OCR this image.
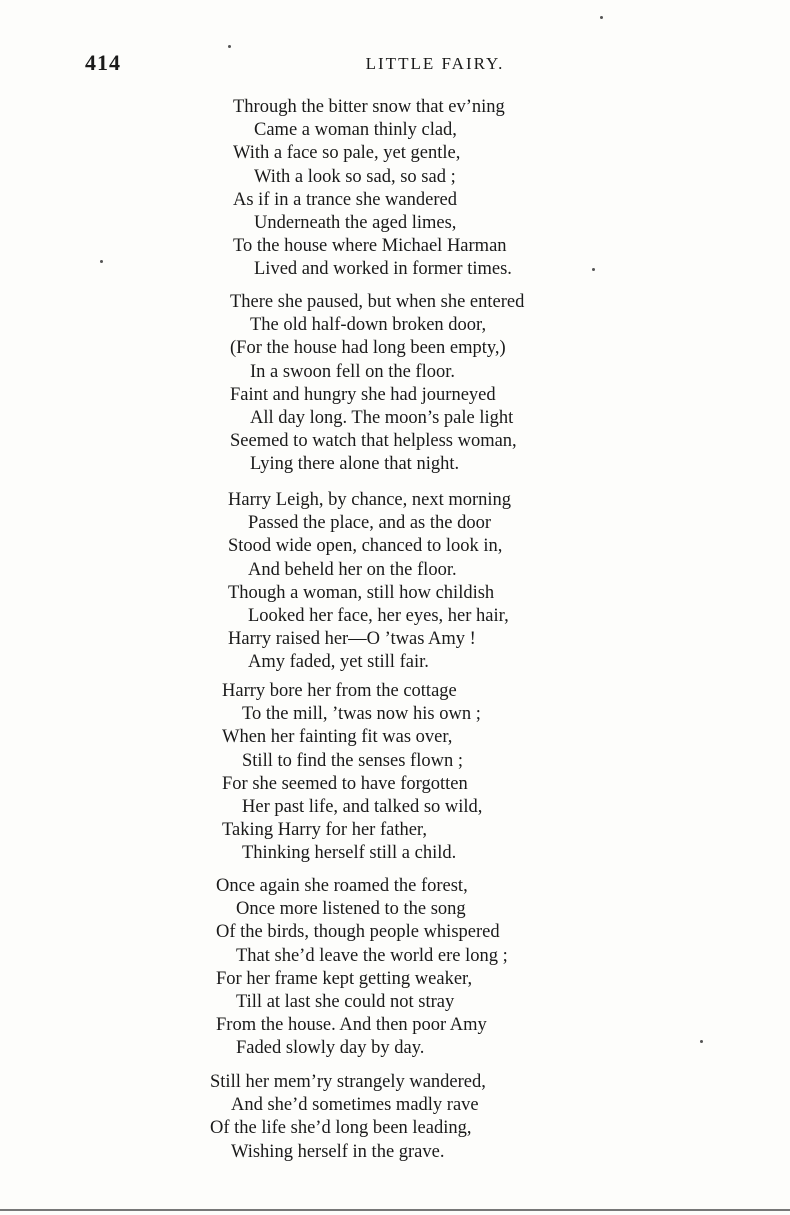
414	LITTLE FAIRY.
Through the bitter snow that ev’ning
Came a woman thinly clad,
With a face so pale, yet gentle,
With a look so sad, so sad ;
As if in a trance she wandered
Underneath the aged limes,
To the house where Michael Harman
Lived and worked in former times.
There she paused, but when she entered
The old half-down broken door,
(For the house had long been empty,)
In a swoon fell on the floor.
Faint and hungry she had journeyed
All day long. The moon’s pale light
Seemed to watch that helpless woman,
Lying there alone that night.
Harry Leigh, by chance, next morning
Passed the place, and as the door
Stood wide open, chanced to look in,
And beheld her on the floor.
Though a woman, still how childish
Looked her face, her eyes, her hair,
Harry raised her—O ’twas Amy !
Amy faded, yet still fair.
Harry bore her from the cottage
To the mill, ’twas now his own ;
When her fainting fit was over,
Still to find the senses flown ;
For she seemed to have forgotten
Her past life, and talked so wild,
Taking Harry for her father,
Thinking herself still a child.
Once again she roamed the forest,
Once more listened to the song
Of the birds, though people whispered
That she’d leave the world ere long ;
For her frame kept getting weaker,
Till at last she could not stray
From the house. And then poor Amy
Faded slowly day by day.
Still her mem’ry strangely wandered,
And she’d sometimes madly rave
Of the life she’d long been leading,
Wishing herself in the grave.
